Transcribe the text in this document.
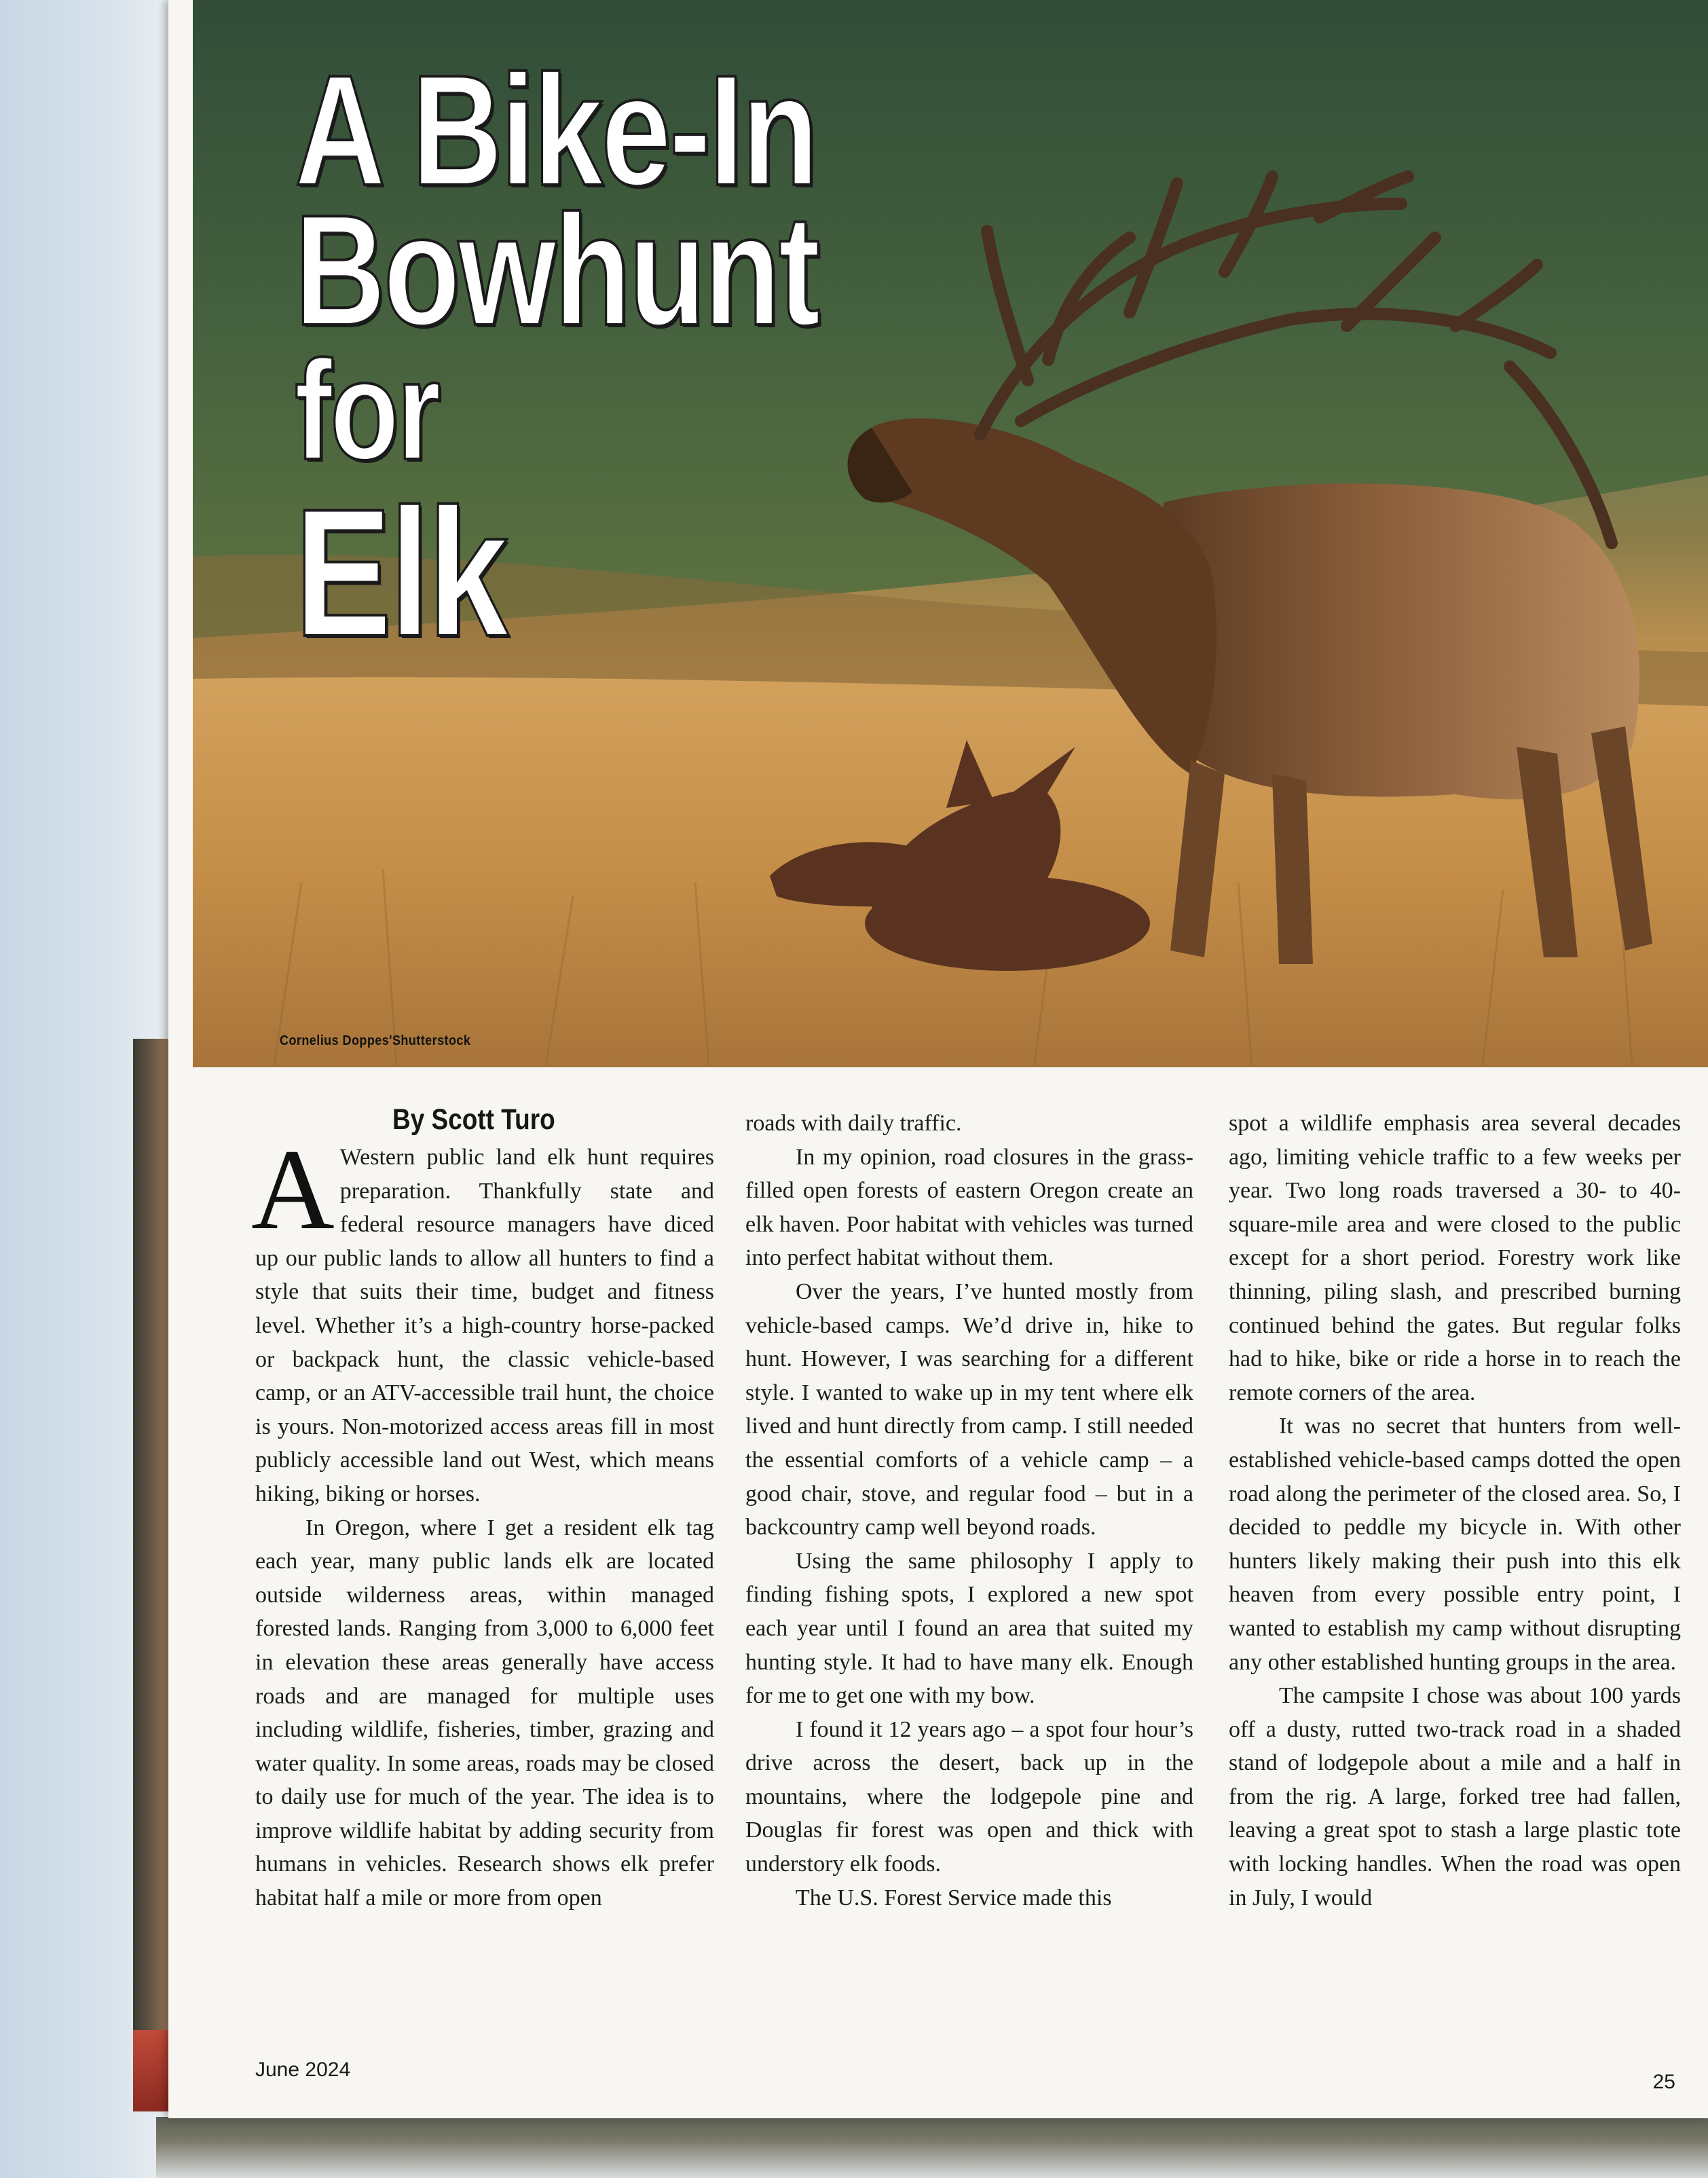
A Bike-In
Bowhunt
for
Elk
Cornelius Doppes'Shutterstock
By Scott Turo

A Western public land elk hunt requires preparation. Thankfully state and federal resource managers have diced up our public lands to allow all hunters to find a style that suits their time, budget and fitness level. Whether it’s a high-country horse-packed or backpack hunt, the classic vehicle-based camp, or an ATV-accessible trail hunt, the choice is yours. Non-motorized access areas fill in most publicly accessible land out West, which means hiking, biking or horses.

In Oregon, where I get a resident elk tag each year, many public lands elk are located outside wilderness areas, within managed forested lands. Ranging from 3,000 to 6,000 feet in elevation these areas generally have access roads and are managed for multiple uses including wildlife, fisheries, timber, grazing and water quality. In some areas, roads may be closed to daily use for much of the year. The idea is to improve wildlife habitat by adding security from humans in vehicles. Research shows elk prefer habitat half a mile or more from open

roads with daily traffic.

In my opinion, road closures in the grass-filled open forests of eastern Oregon create an elk haven. Poor habitat with vehicles was turned into perfect habitat without them.

Over the years, I’ve hunted mostly from vehicle-based camps. We’d drive in, hike to hunt. However, I was searching for a different style. I wanted to wake up in my tent where elk lived and hunt directly from camp. I still needed the essential comforts of a vehicle camp – a good chair, stove, and regular food – but in a backcountry camp well beyond roads.

Using the same philosophy I apply to finding fishing spots, I explored a new spot each year until I found an area that suited my hunting style. It had to have many elk. Enough for me to get one with my bow.

I found it 12 years ago – a spot four hour’s drive across the desert, back up in the mountains, where the lodgepole pine and Douglas fir forest was open and thick with understory elk foods.

The U.S. Forest Service made this

spot a wildlife emphasis area several decades ago, limiting vehicle traffic to a few weeks per year. Two long roads traversed a 30- to 40-square-mile area and were closed to the public except for a short period. Forestry work like thinning, piling slash, and prescribed burning continued behind the gates. But regular folks had to hike, bike or ride a horse in to reach the remote corners of the area.

It was no secret that hunters from well-established vehicle-based camps dotted the open road along the perimeter of the closed area. So, I decided to peddle my bicycle in. With other hunters likely making their push into this elk heaven from every possible entry point, I wanted to establish my camp without disrupting any other established hunting groups in the area.

The campsite I chose was about 100 yards off a dusty, rutted two-track road in a shaded stand of lodgepole about a mile and a half in from the rig. A large, forked tree had fallen, leaving a great spot to stash a large plastic tote with locking handles. When the road was open in July, I would

June 2024
25
